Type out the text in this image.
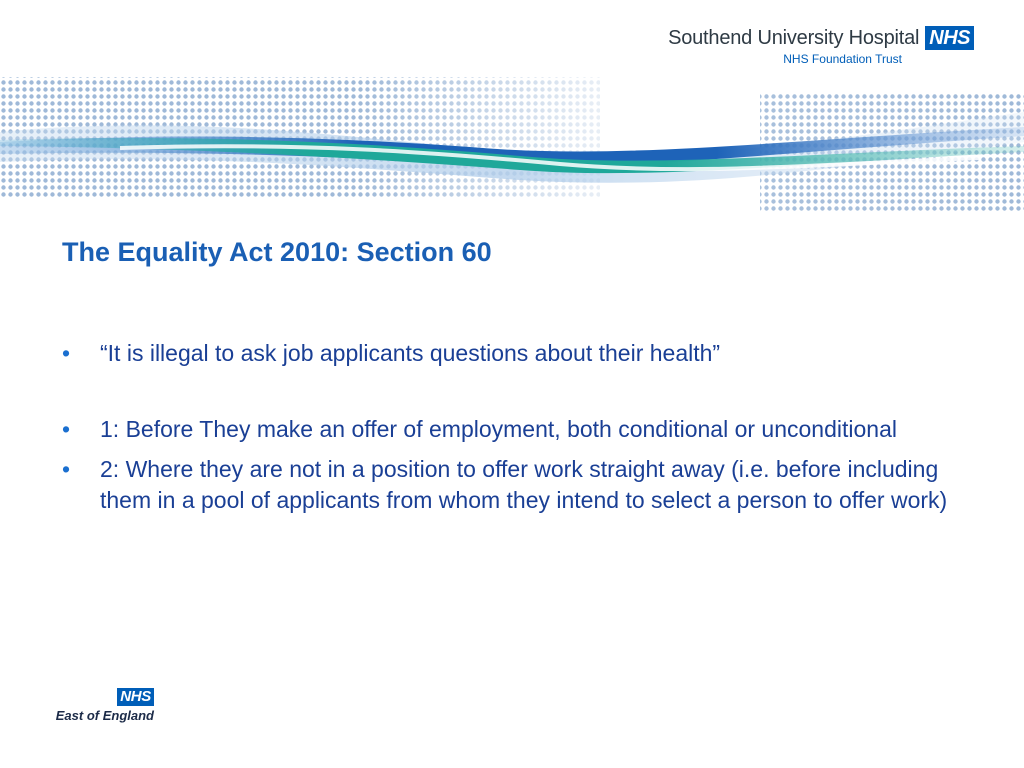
Southend University Hospital NHS
NHS Foundation Trust
The Equality Act 2010: Section 60
• “It is illegal to ask job applicants questions about their health”
• 1: Before They make an offer of employment, both conditional or unconditional
• 2: Where they are not in a position to offer work straight away (i.e. before including them in a pool of applicants from whom they intend to select a person to offer work)
NHS
East of England
